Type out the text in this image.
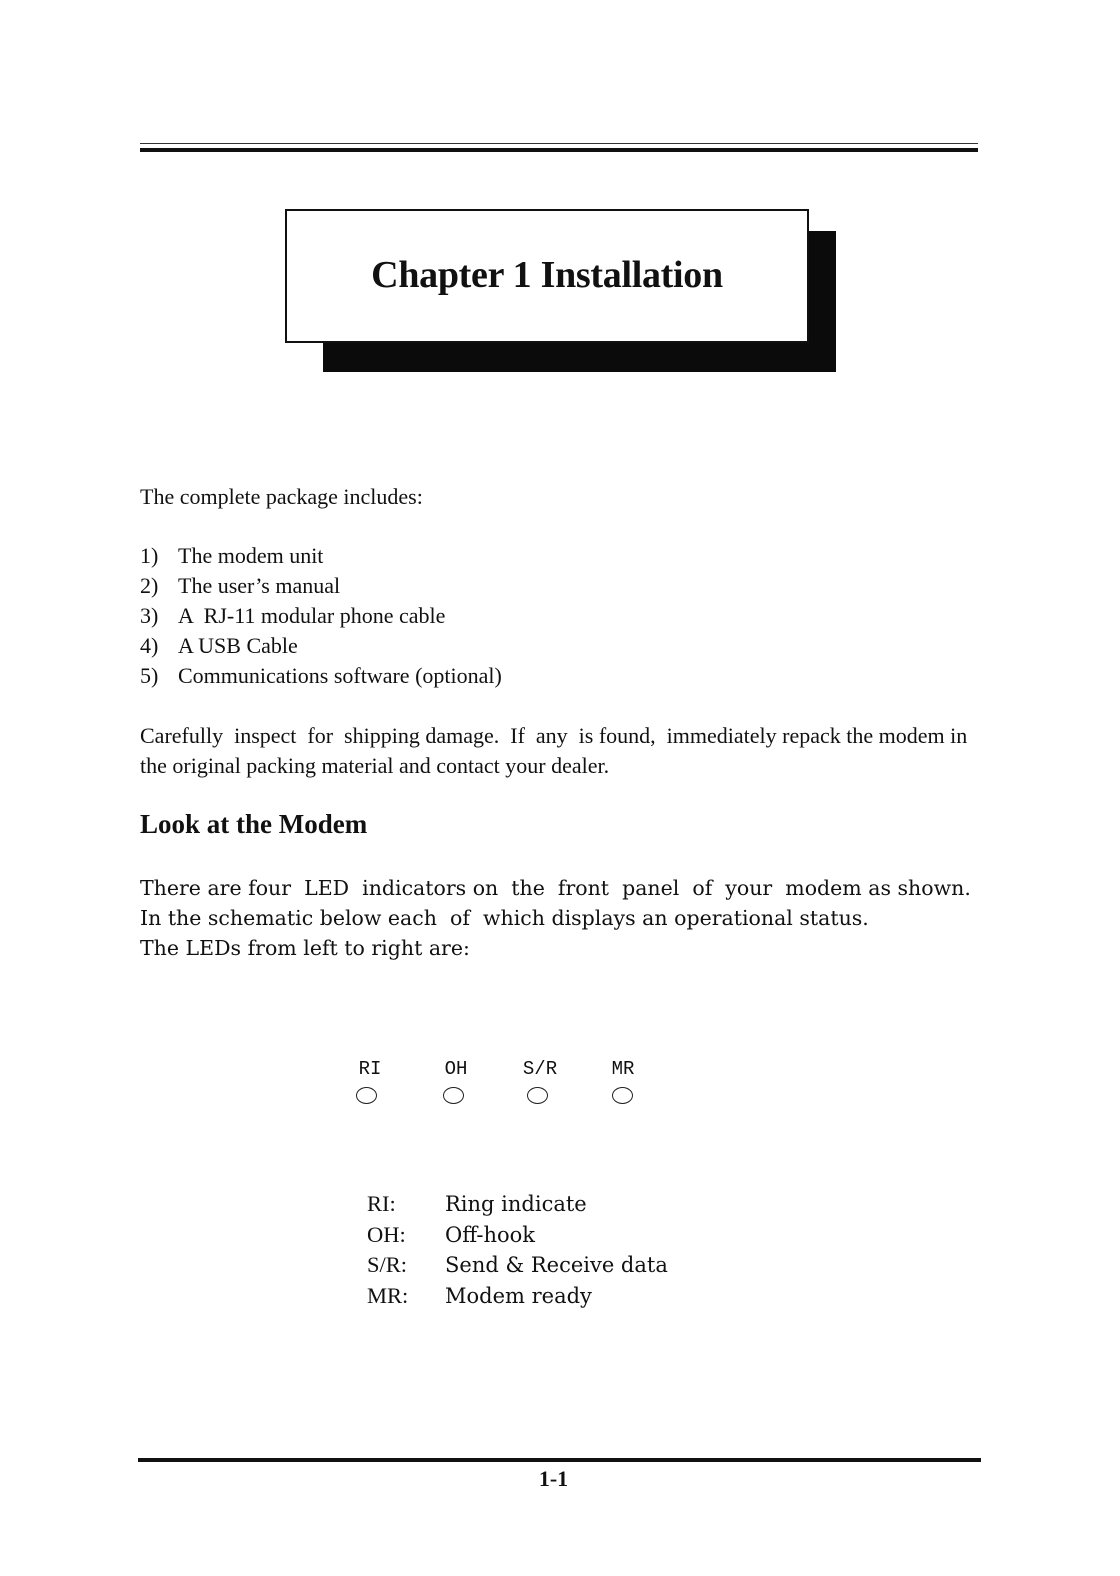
Chapter 1 Installation
The complete package includes:
1) The modem unit
2) The user’s manual
3) A  RJ-11 modular phone cable
4) A USB Cable
5) Communications software (optional)
Carefully  inspect  for  shipping damage.  If  any  is found,  immediately repack the modem in the original packing material and contact your dealer.
Look at the Modem
There are four  LED  indicators on  the  front  panel  of  your  modem as shown.
In the schematic below each  of  which displays an operational status.
The LEDs from left to right are:
RI	OH	S/R	MR
RI:	Ring indicate
OH:	Off-hook
S/R:	Send & Receive data
MR:	Modem ready
1-1
